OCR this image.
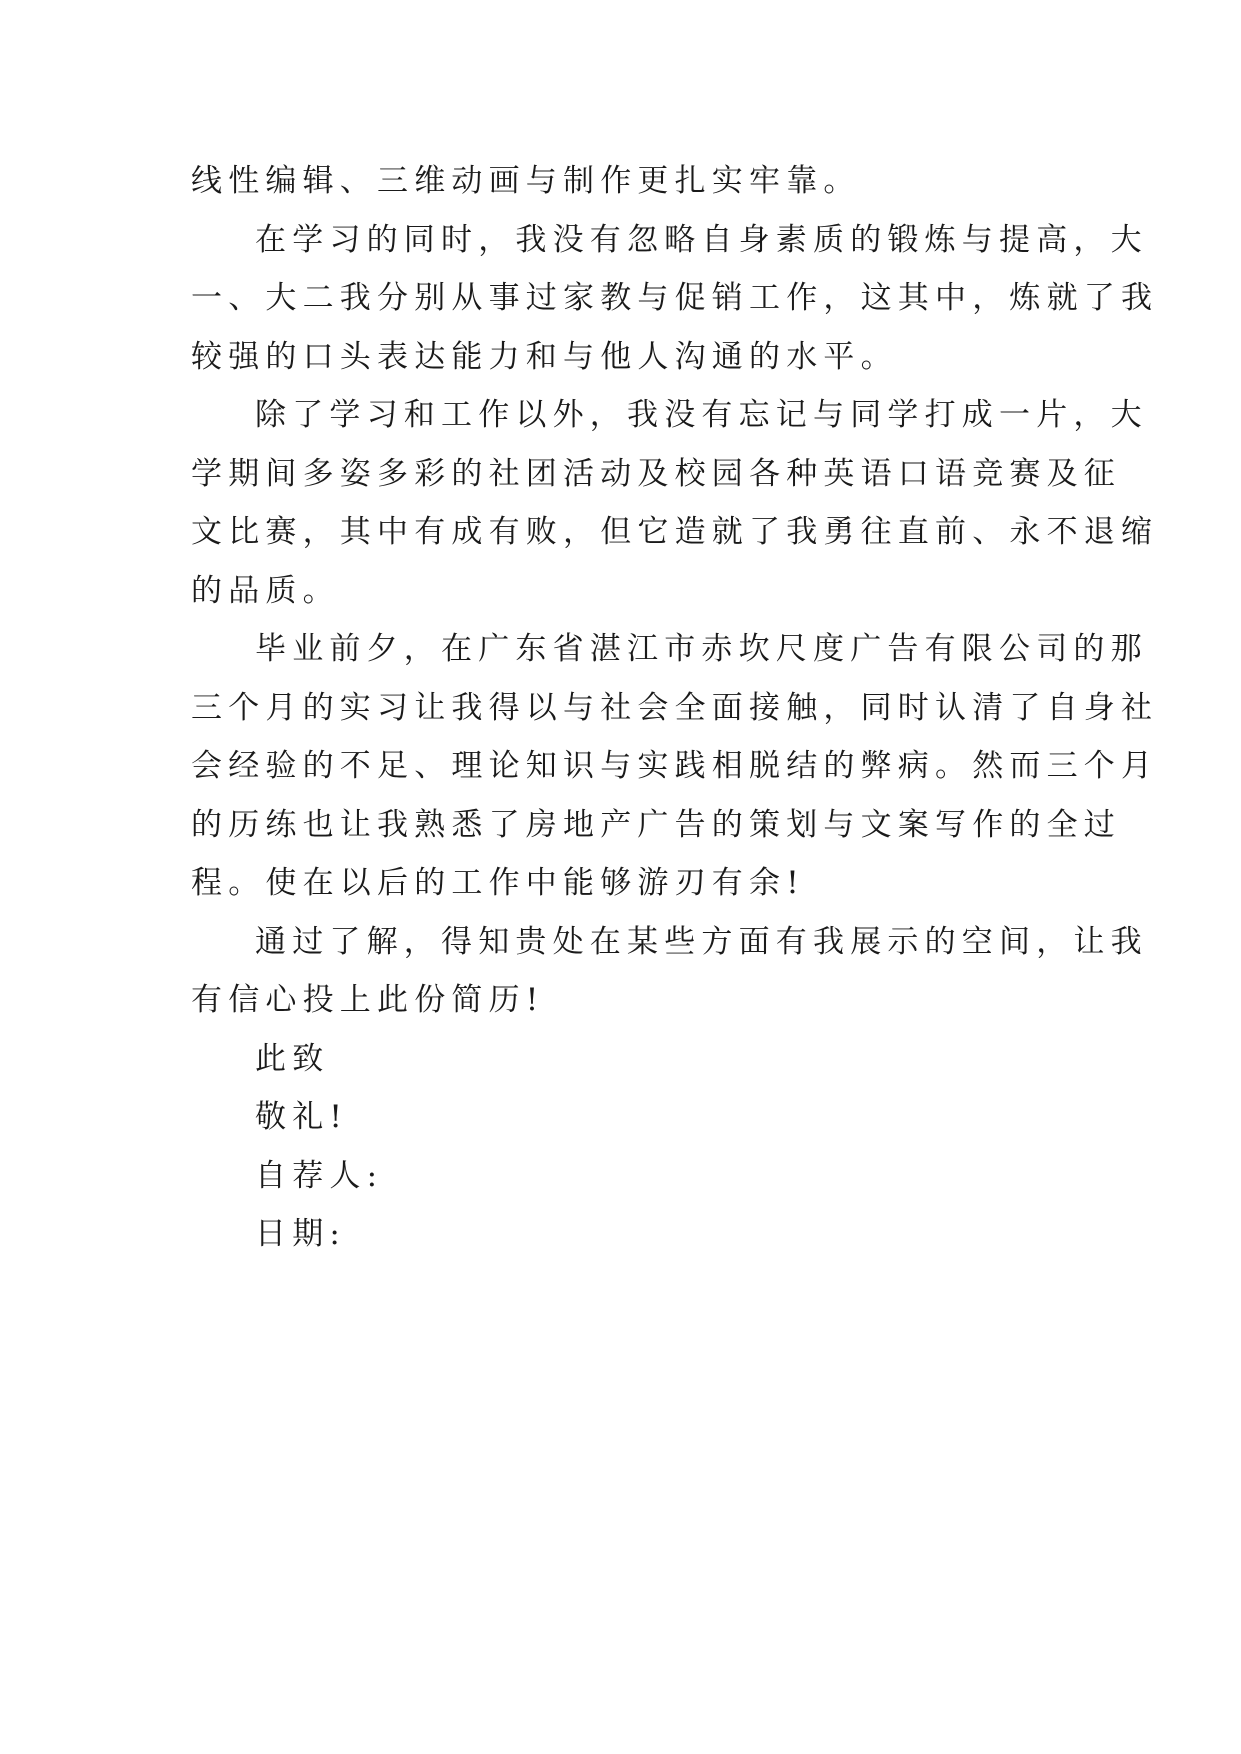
线性编辑、三维动画与制作更扎实牢靠。
在学习的同时，我没有忽略自身素质的锻炼与提高，大
一、大二我分别从事过家教与促销工作，这其中，炼就了我
较强的口头表达能力和与他人沟通的水平。
除了学习和工作以外，我没有忘记与同学打成一片，大
学期间多姿多彩的社团活动及校园各种英语口语竞赛及征
文比赛，其中有成有败，但它造就了我勇往直前、永不退缩
的品质。
毕业前夕，在广东省湛江市赤坎尺度广告有限公司的那
三个月的实习让我得以与社会全面接触，同时认清了自身社
会经验的不足、理论知识与实践相脱结的弊病。然而三个月
的历练也让我熟悉了房地产广告的策划与文案写作的全过
程。使在以后的工作中能够游刃有余!
通过了解，得知贵处在某些方面有我展示的空间，让我
有信心投上此份简历!
此致
敬礼!
自荐人:
日期:
